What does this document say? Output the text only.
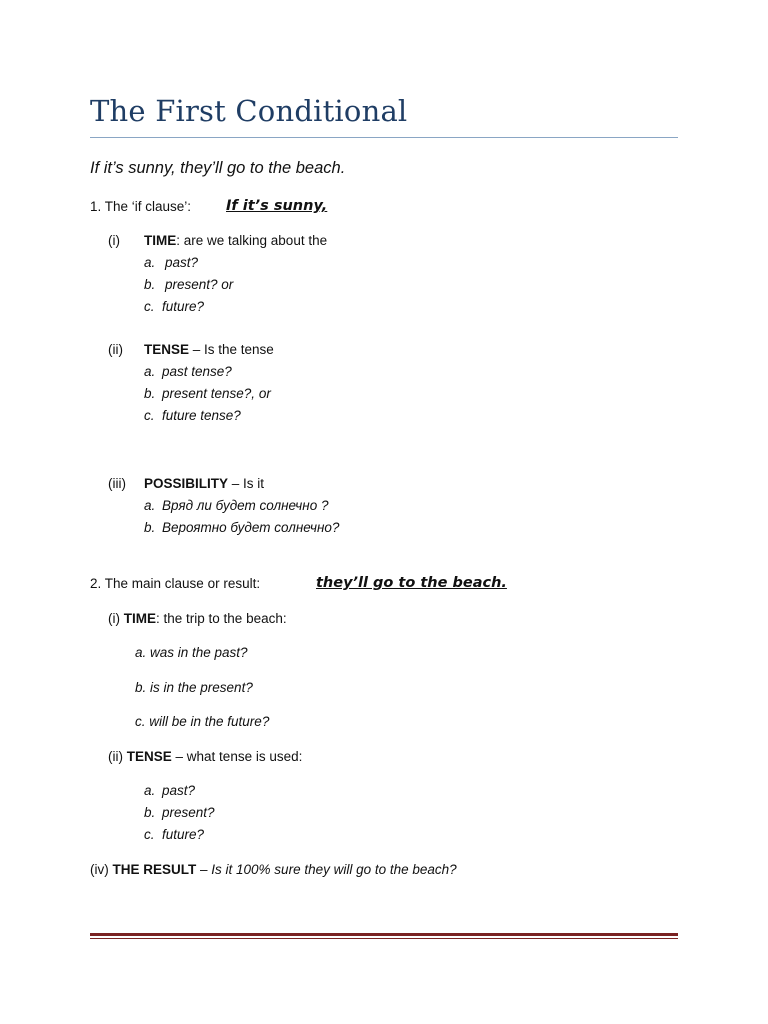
The First Conditional
If it’s sunny, they’ll go to the beach.
1. The ‘if clause’: If it’s sunny,
(i) TIME: are we talking about the
a. past?
b. present? or
c. future?
(ii) TENSE – Is the tense
a. past tense?
b. present tense?, or
c. future tense?
(iii) POSSIBILITY – Is it
a. Вряд ли будет солнечно ?
b. Вероятно будет солнечно?
2. The main clause or result:	they’ll go to the beach.
(i) TIME: the trip to the beach:
a. was in the past?
b. is in the present?
c. will be in the future?
(ii) TENSE – what tense is used:
a. past?
b. present?
c. future?
(iv) THE RESULT – Is it 100% sure they will go to the beach?
